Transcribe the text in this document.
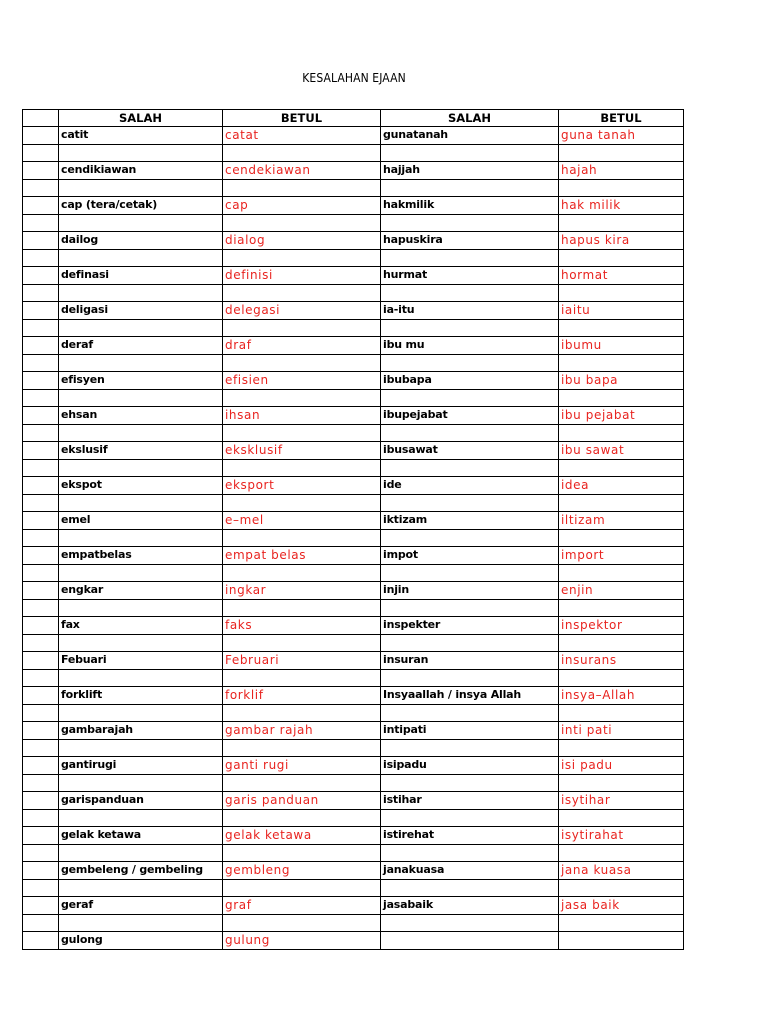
KESALAHAN EJAAN
	SALAH	BETUL	SALAH	BETUL
	catit	catat	gunatanah	guna tanah

	cendikiawan	cendekiawan	hajjah	hajah

	cap (tera/cetak)	cap	hakmilik	hak milik

	dailog	dialog	hapuskira	hapus kira

	definasi	definisi	hurmat	hormat

	deligasi	delegasi	ia-itu	iaitu

	deraf	draf	ibu mu	ibumu

	efisyen	efisien	ibubapa	ibu bapa

	ehsan	ihsan	ibupejabat	ibu pejabat

	ekslusif	eksklusif	ibusawat	ibu sawat

	ekspot	eksport	ide	idea

	emel	e–mel	iktizam	iltizam

	empatbelas	empat belas	impot	import

	engkar	ingkar	injin	enjin

	fax	faks	inspekter	inspektor

	Febuari	Februari	insuran	insurans

	forklift	forklif	Insyaallah / insya Allah	insya–Allah

	gambarajah	gambar rajah	intipati	inti pati

	gantirugi	ganti rugi	isipadu	isi padu

	garispanduan	garis panduan	istihar	isytihar

	gelak ketawa	gelak ketawa	istirehat	isytirahat

	gembeleng / gembeling	gembleng	janakuasa	jana kuasa

	geraf	graf	jasabaik	jasa baik

	gulong	gulung		
